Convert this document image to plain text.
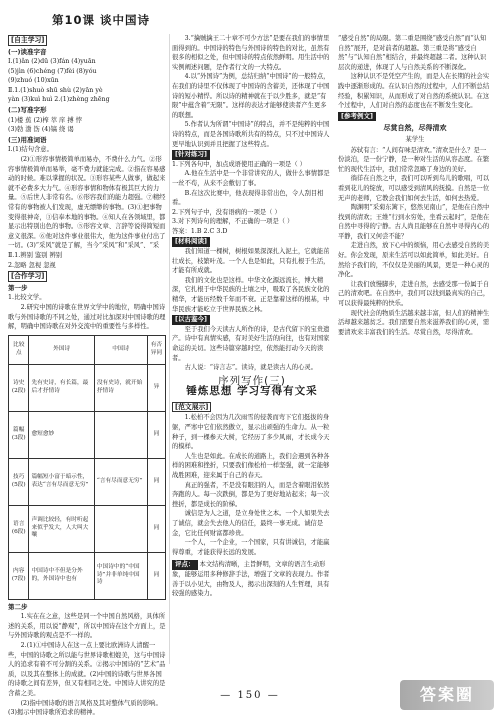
第10课 谈中国诗
[自主学习]
(一)读准字音
Ⅰ.(1)ǎn (2)dū (3)fán (4)yuān
(5)jìn (6)chéng (7)fèi (8)yóu
(9)zhuó (10)xūn
Ⅱ.1.(1)shuò shū shù (2)yān yè
yàn (3)kuì huì 2.(1)zhèng zhēng
(二)写准字形
(1)楼 蕉 (2)榨 萃 庠 搏 悖
(3)勃 渤 饬 (4)镐 绕 谒
(三)用准词语
Ⅰ.(1)结句含意。

(2)①形容事情极简单而易办，不费什么力气。②形容事情极简单而易举，毫不费力就能完成。②指在容易感动的时候。难以掌握的状况。③形容某些人做事，做起来就不必费多大力气。④形容事情和物体有极其巨大的力量。⑤后世人非常有名。⑥形容我们的能力超强。⑦精经常有的事物被人们发现，虚无缥缈的事物。(3)①把事物变得很神奇，③信奉本地的事物。④知人在各领域里，都显示出特别出色的事物。⑤形容文章、言辞等说得简短而意义很深。⑥他对这件事业很伟大，他为这件事业付出了一切。(3)“采风”就是了解，当今“采风”和“采风”、“采

Ⅱ.1.辨别 鉴别 辨别
2.忽略 忽视 忽视
[合作学习]
第一步

1.比较文学。

2.研究中国的诗歌在世界文学中的地位，明确中国诗歌与外国诗歌的不同之处，通过对比加深对中国诗歌的理解，明确中国诗歌在对外交流中的重要性与多样性。

比较点	外国诗	中国诗	有否异同
诗史(2段)	先有史诗，有长篇，最后才抒情诗	没有史诗，就开始抒情诗	异
篇幅(3段)	愈短愈妙		同
技巧(5段)	篇幅短小富于暗示性，表达“言有尽而意无穷”	“言有尽而意无穷”	同
语言(6段)	声调比较轻，有时听起来似乎发大，人大叫大嚷		同
内容(7段)	中国诗中不但是分外的，外国诗中也有	中国诗中的“中国诗”并非单纯中国诗	同
第二步

1.实在在之意，这些是同一个中国自然风格，具体所述的关系，用以说“静观”，所以中国诗在这个方面上，是与外国诗歌的观点是不一样的。

2.(1)①中国诗人在这一点上要比欧洲诗人清醒一些，中国的诗歌之所以能与世界诗歌相媲美，这与中国诗人的追求有着不可分割的关系。②揭示中国诗的“艺术”品质，以及其在整体上的成就。(2)中国的诗歌与世界各国的诗歌之间有差异，但又有相同之处。中国诗人讲究的是含蓄之美。

(2)指中国诗歌的语言风格及其对整体气质的影响。(3)揭示中国诗歌所追求的精神。

3.“擒贼擒王二十章不可少方法”是要在我们的事情里面得到的。中国诗的特色与外国诗的特色的对比，虽然有很多的相似之处，但中国诗的特点依然鲜明。用生活中的实例阐述问题，是作者行文的一大特点。

4.以“外国诗”为例，总结归纳“中国诗”的一般特点，在我们的诗里不仅体现了中国诗的含蓄美，还体现了中国诗的短小精悍。所以诗的精神就在于以少胜多，就是“有限”中蕴含着“无限”。这样的表达才能够使读者产生更多的联想。

5.作者认为所谓“中国诗”的特点，并不是纯粹的中国诗的特点，而是各国诗歌所共有的特点，只不过中国诗人更早地认识到并且把握了这些特点。

[针对练习]

1.下列各句中，加点成语使用正确的一项是（ ）

A.他在生活中是一个非常讲究的人，做什么事情都是一丝不苟，从来不会敷衍了事。

B.在这次比赛中，他表现得非常出色，令人刮目相看。

2.下列句子中，没有语病的一项是（ ）

3.对下列诗句的理解，不正确的一项是（ ）

答案：1.B 2.C 3.D

[材料阅读]

我们知道一棵树，树根如果深深扎入泥土，它就能茁壮成长，枝繁叶茂。一个人也是如此，只有扎根于生活，才能有所成就。

我们的文化也是这样。中华文化源远流长，博大精深，它扎根于中华民族的土壤之中，吸取了各民族文化的精华，才能历经数千年而不衰。正是靠着这样的根基，中华民族才能屹立于世界民族之林。

[以古鉴今]

至于我们今天读古人所作的诗，是古代留下的宝贵遗产。诗中有真情实感，有对美好生活的向往，也有对国家命运的关切。这些诗篇穿越时空，依然能打动今天的读者。

古人说：“诗言志”。读诗，就是读古人的心灵。

序列写作(三)
锤炼思想 学习写得有文采
[范文展示]

1.松柏不会因为几次雨雪的侵袭而弯下它们挺拔的身躯，严寒中它们依然傲立，显示出顽强的生命力。从一粒种子，到一棵参天大树，它经历了多少风雨，才长成今天的模样。

人生也是如此。在成长的道路上，我们会遇到各种各样的困难和挫折，只要我们像松柏一样坚强，就一定能够战胜困难，迎来属于自己的春天。

真正的强者，不是没有眼泪的人，而是含着眼泪依然奔跑的人。每一次跌倒，都是为了更好地站起来；每一次挫折，都是成长的阶梯。

诚信是为人之道，是立身处世之本。一个人如果失去了诚信，就会失去他人的信任，最终一事无成。诚信是金，它比任何财富都珍贵。

一个人，一个企业，一个国家，只有讲诚信，才能赢得尊重，才能获得长远的发展。

评点： 本文结构清晰，主旨鲜明，文章的语言生动形象，能够运用多种修辞手法，增强了文章的表现力。作者善于以小见大，由物及人，揭示出深刻的人生哲理，具有较强的感染力。

“感受自然”的局限。第二重是围绕“感受自然”而“认知自然”展开，是对前者的超越。第三重是将“感受自然”与“认知自然”相结合，并最终超越二者。这种认识层次的递进，体现了人与自然关系的不断深化。

这种认识不是凭空产生的，而是人在长期的社会实践中逐渐形成的。在认识自然的过程中，人们不断总结经验，积累知识，从而形成了对自然的系统认识。在这个过程中，人们对自然的态度也在不断发生变化。

[参考例文]
尽赏自然，尽得清欢
某学生

苏轼有言：“人间有味是清欢。”清欢是什么？是一份淡泊，是一份宁静，是一种对生活的从容态度。在繁忙的现代生活中，我们常常忽略了身边的美好。

徜徉在自然之中，我们可以听到鸟儿的歌唱，可以看到花儿的绽放，可以感受到清风的抚摸。自然是一位无声的老师，它教会我们如何去生活，如何去热爱。

陶渊明“采菊东篱下，悠然见南山”，是他在自然中找到的清欢；王维“行到水穷处，坐看云起时”，是他在自然中寻得的宁静。古人尚且能够在自然中寻得内心的平静，我们又何尝不能？

走进自然，放下心中的烦恼，用心去感受自然的美好。你会发现，原来生活可以如此简单，如此美好。自然给予我们的，不仅仅是美丽的风景，更是一种心灵的净化。

让我们放慢脚步，走进自然，去感受那一份属于自己的清欢吧。在自然中，我们可以找到最真实的自己，可以获得最纯粹的快乐。

现代社会的物质生活越来越丰富，但人们的精神生活却越来越贫乏。我们需要自然来滋养我们的心灵，需要清欢来丰富我们的生活。尽赏自然，尽得清欢。

— 150 —	答案圈
